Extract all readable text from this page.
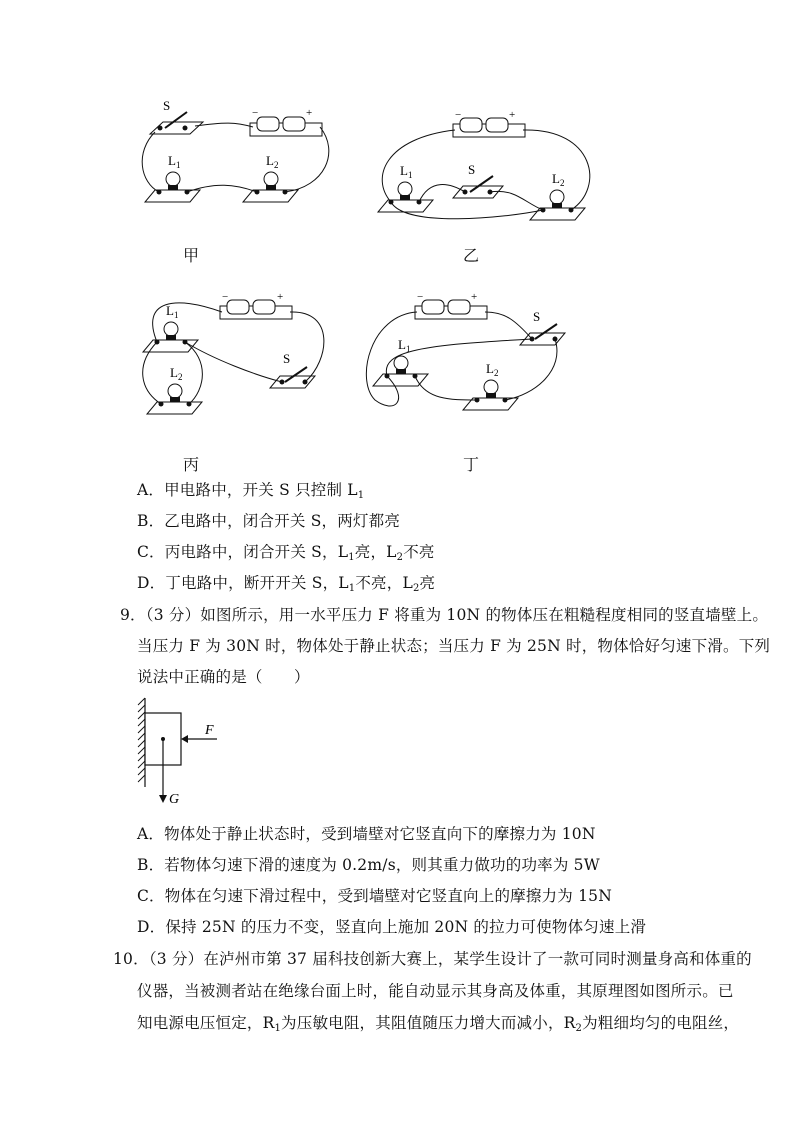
S	−	+
L 1	L 2
甲
−	+
S
L 1	L 2
乙
−	+
L 1
L 2
S
丙
−	+
S
L 1
L 2
丁
A．甲电路中，开关 S 只控制 $L_1$
B．乙电路中，闭合开关 S，两灯都亮
C．丙电路中，闭合开关 S，$L_1$亮，$L_2$不亮
D．丁电路中，断开开关 S，$L_1$不亮，$L_2$亮
9．（3 分）如图所示，用一水平压力 F 将重为 10N 的物体压在粗糙程度相同的竖直墙壁上。
当压力 F 为 30N 时，物体处于静止状态；当压力 F 为 25N 时，物体恰好匀速下滑。下列
说法中正确的是（　　）
F
G
A．物体处于静止状态时，受到墙壁对它竖直向下的摩擦力为 10N
B．若物体匀速下滑的速度为 0.2m/s，则其重力做功的功率为 5W
C．物体在匀速下滑过程中，受到墙壁对它竖直向上的摩擦力为 15N
D．保持 25N 的压力不变，竖直向上施加 20N 的拉力可使物体匀速上滑
10．（3 分）在泸州市第 37 届科技创新大赛上，某学生设计了一款可同时测量身高和体重的
仪器，当被测者站在绝缘台面上时，能自动显示其身高及体重，其原理图如图所示。已
知电源电压恒定，$R_1$为压敏电阻，其阻值随压力增大而减小，$R_2$为粗细均匀的电阻丝，
